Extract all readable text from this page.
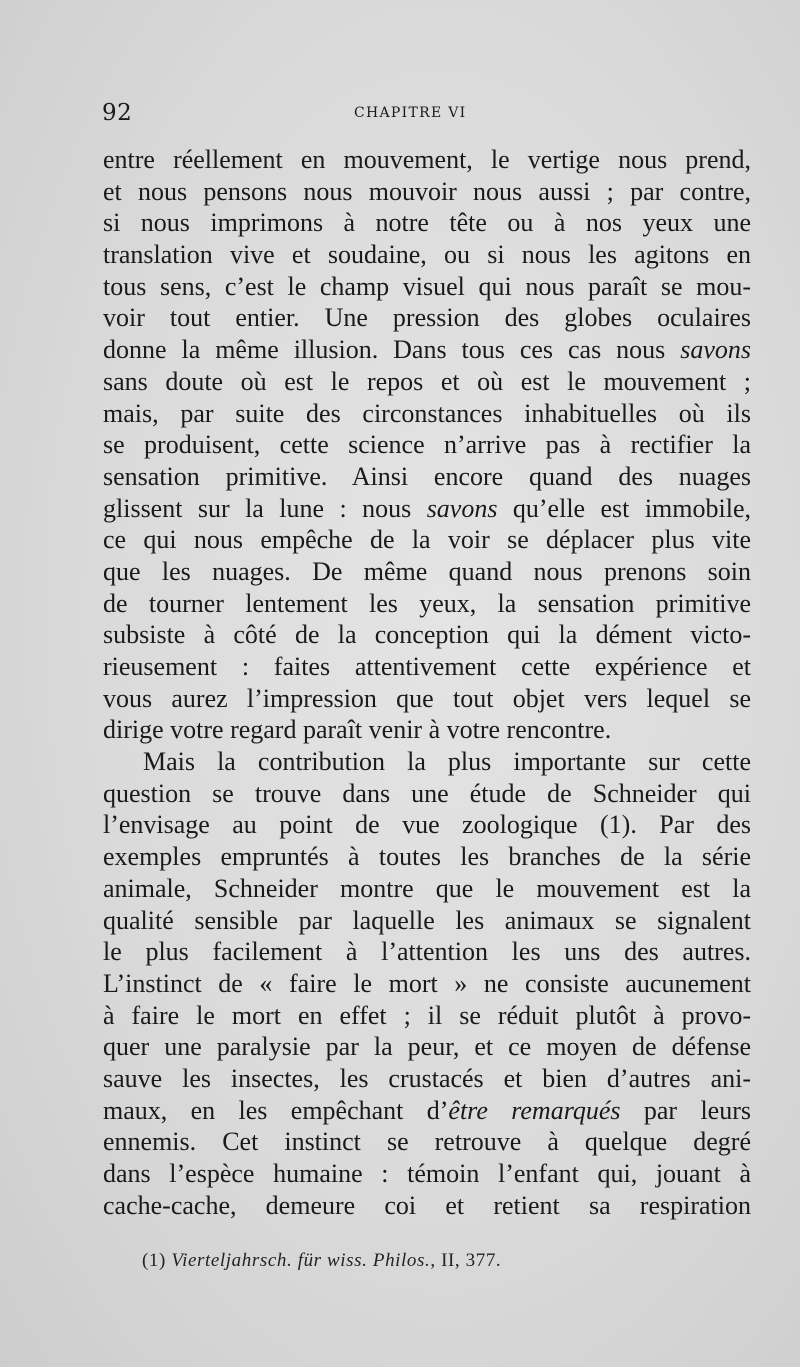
92	CHAPITRE VI
entre réellement en mouvement, le vertige nous prend,
et nous pensons nous mouvoir nous aussi ; par contre,
si nous imprimons à notre tête ou à nos yeux une
translation vive et soudaine, ou si nous les agitons en
tous sens, c’est le champ visuel qui nous paraît se mou-
voir tout entier. Une pression des globes oculaires
donne la même illusion. Dans tous ces cas nous savons
sans doute où est le repos et où est le mouvement ;
mais, par suite des circonstances inhabituelles où ils
se produisent, cette science n’arrive pas à rectifier la
sensation primitive. Ainsi encore quand des nuages
glissent sur la lune : nous savons qu’elle est immobile,
ce qui nous empêche de la voir se déplacer plus vite
que les nuages. De même quand nous prenons soin
de tourner lentement les yeux, la sensation primitive
subsiste à côté de la conception qui la dément victo-
rieusement : faites attentivement cette expérience et
vous aurez l’impression que tout objet vers lequel se
dirige votre regard paraît venir à votre rencontre.
Mais la contribution la plus importante sur cette
question se trouve dans une étude de Schneider qui
l’envisage au point de vue zoologique (1). Par des
exemples empruntés à toutes les branches de la série
animale, Schneider montre que le mouvement est la
qualité sensible par laquelle les animaux se signalent
le plus facilement à l’attention les uns des autres.
L’instinct de « faire le mort » ne consiste aucunement
à faire le mort en effet ; il se réduit plutôt à provo-
quer une paralysie par la peur, et ce moyen de défense
sauve les insectes, les crustacés et bien d’autres ani-
maux, en les empêchant d’être remarqués par leurs
ennemis. Cet instinct se retrouve à quelque degré
dans l’espèce humaine : témoin l’enfant qui, jouant à
cache-cache, demeure coi et retient sa respiration
(1) Vierteljahrsch. für wiss. Philos., II, 377.
